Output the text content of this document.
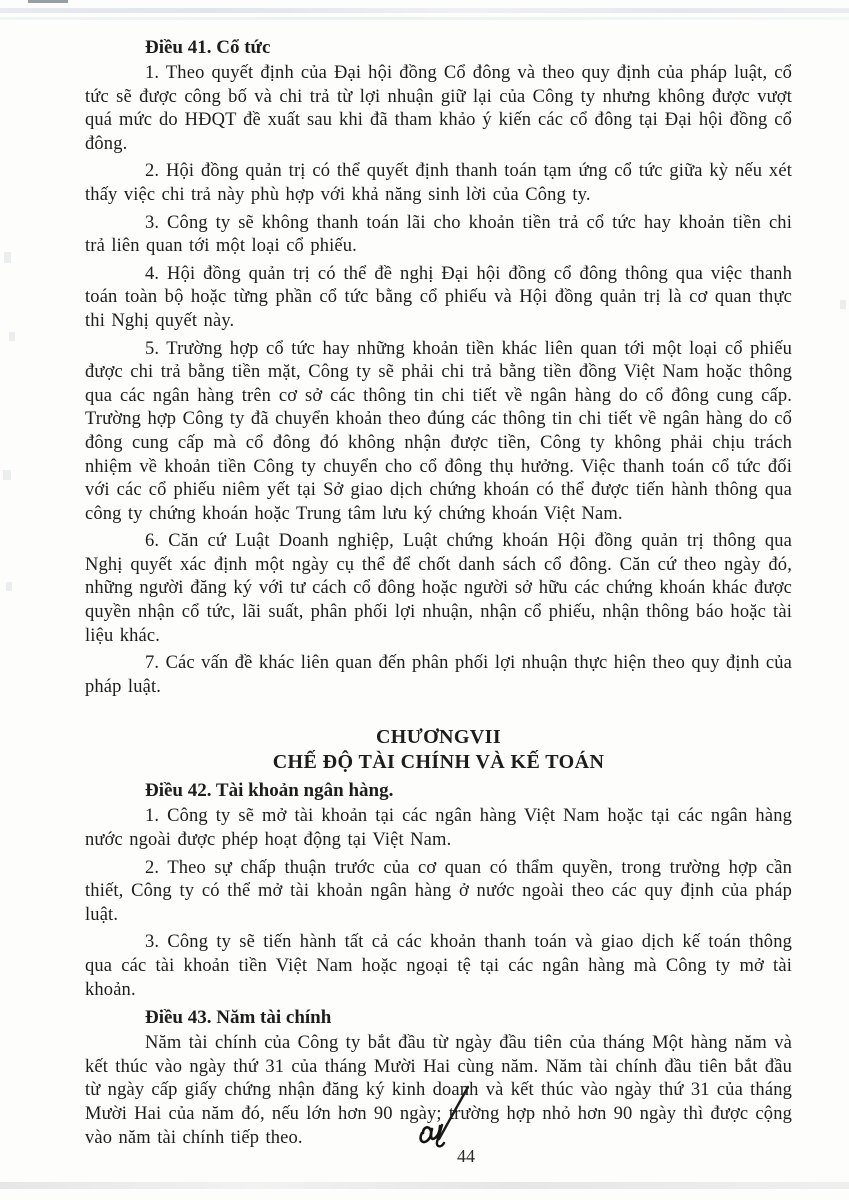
Điều 41. Cổ tức

1. Theo quyết định của Đại hội đồng Cổ đông và theo quy định của pháp luật, cổ tức sẽ được công bố và chi trả từ lợi nhuận giữ lại của Công ty nhưng không được vượt quá mức do HĐQT đề xuất sau khi đã tham khảo ý kiến các cổ đông tại Đại hội đồng cổ đông.

2. Hội đồng quản trị có thể quyết định thanh toán tạm ứng cổ tức giữa kỳ nếu xét thấy việc chi trả này phù hợp với khả năng sinh lời của Công ty.

3. Công ty sẽ không thanh toán lãi cho khoản tiền trả cổ tức hay khoản tiền chi trả liên quan tới một loại cổ phiếu.

4. Hội đồng quản trị có thể đề nghị Đại hội đồng cổ đông thông qua việc thanh toán toàn bộ hoặc từng phần cổ tức bằng cổ phiếu và Hội đồng quản trị là cơ quan thực thi Nghị quyết này.

5. Trường hợp cổ tức hay những khoản tiền khác liên quan tới một loại cổ phiếu được chi trả bằng tiền mặt, Công ty sẽ phải chi trả bằng tiền đồng Việt Nam hoặc thông qua các ngân hàng trên cơ sở các thông tin chi tiết về ngân hàng do cổ đông cung cấp. Trường hợp Công ty đã chuyển khoản theo đúng các thông tin chi tiết về ngân hàng do cổ đông cung cấp mà cổ đông đó không nhận được tiền, Công ty không phải chịu trách nhiệm về khoản tiền Công ty chuyển cho cổ đông thụ hưởng. Việc thanh toán cổ tức đối với các cổ phiếu niêm yết tại Sở giao dịch chứng khoán có thể được tiến hành thông qua công ty chứng khoán hoặc Trung tâm lưu ký chứng khoán Việt Nam.

6. Căn cứ Luật Doanh nghiệp, Luật chứng khoán Hội đồng quản trị thông qua Nghị quyết xác định một ngày cụ thể để chốt danh sách cổ đông. Căn cứ theo ngày đó, những người đăng ký với tư cách cổ đông hoặc người sở hữu các chứng khoán khác được quyền nhận cổ tức, lãi suất, phân phối lợi nhuận, nhận cổ phiếu, nhận thông báo hoặc tài liệu khác.

7. Các vấn đề khác liên quan đến phân phối lợi nhuận thực hiện theo quy định của pháp luật.

CHƯƠNGVII
CHẾ ĐỘ TÀI CHÍNH VÀ KẾ TOÁN
Điều 42. Tài khoản ngân hàng.

1. Công ty sẽ mở tài khoản tại các ngân hàng Việt Nam hoặc tại các ngân hàng nước ngoài được phép hoạt động tại Việt Nam.

2. Theo sự chấp thuận trước của cơ quan có thẩm quyền, trong trường hợp cần thiết, Công ty có thể mở tài khoản ngân hàng ở nước ngoài theo các quy định của pháp luật.

3. Công ty sẽ tiến hành tất cả các khoản thanh toán và giao dịch kế toán thông qua các tài khoản tiền Việt Nam hoặc ngoại tệ tại các ngân hàng mà Công ty mở tài khoản.

Điều 43. Năm tài chính

Năm tài chính của Công ty bắt đầu từ ngày đầu tiên của tháng Một hàng năm và kết thúc vào ngày thứ 31 của tháng Mười Hai cùng năm. Năm tài chính đầu tiên bắt đầu từ ngày cấp giấy chứng nhận đăng ký kinh doanh và kết thúc vào ngày thứ 31 của tháng Mười Hai của năm đó, nếu lớn hơn 90 ngày; trường hợp nhỏ hơn 90 ngày thì được cộng vào năm tài chính tiếp theo.

44
